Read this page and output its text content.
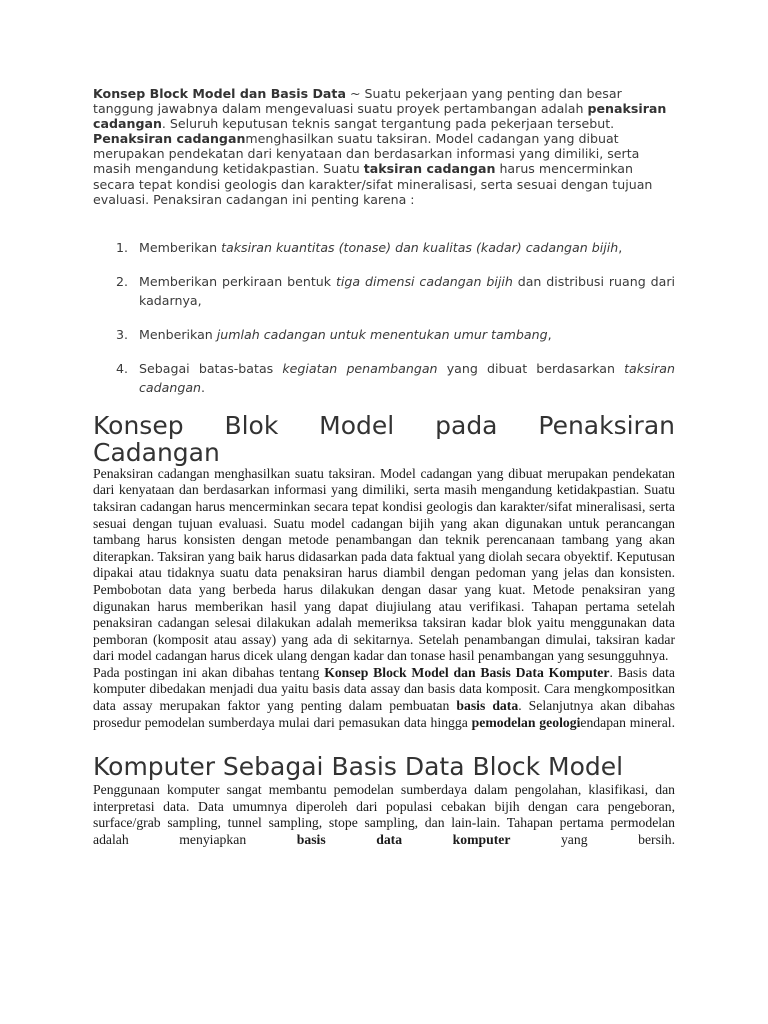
Konsep Block Model dan Basis Data ~ Suatu pekerjaan yang penting dan besar tanggung jawabnya dalam mengevaluasi suatu proyek pertambangan adalah penaksiran cadangan. Seluruh keputusan teknis sangat tergantung pada pekerjaan tersebut. Penaksiran cadanganmenghasilkan suatu taksiran. Model cadangan yang dibuat merupakan pendekatan dari kenyataan dan berdasarkan informasi yang dimiliki, serta masih mengandung ketidakpastian. Suatu taksiran cadangan harus mencerminkan secara tepat kondisi geologis dan karakter/sifat mineralisasi, serta sesuai dengan tujuan evaluasi. Penaksiran cadangan ini penting karena :

1. Memberikan taksiran kuantitas (tonase) dan kualitas (kadar) cadangan bijih,
2. Memberikan perkiraan bentuk tiga dimensi cadangan bijih dan distribusi ruang dari kadarnya,
3. Menberikan jumlah cadangan untuk menentukan umur tambang,
4. Sebagai batas-batas kegiatan penambangan yang dibuat berdasarkan taksiran cadangan.
Konsep Blok Model pada Penaksiran Cadangan

Penaksiran cadangan menghasilkan suatu taksiran. Model cadangan yang dibuat merupakan pendekatan dari kenyataan dan berdasarkan informasi yang dimiliki, serta masih mengandung ketidakpastian. Suatu taksiran cadangan harus mencerminkan secara tepat kondisi geologis dan karakter/sifat mineralisasi, serta sesuai dengan tujuan evaluasi. Suatu model cadangan bijih yang akan digunakan untuk perancangan tambang harus konsisten dengan metode penambangan dan teknik perencanaan tambang yang akan diterapkan. Taksiran yang baik harus didasarkan pada data faktual yang diolah secara obyektif. Keputusan dipakai atau tidaknya suatu data penaksiran harus diambil dengan pedoman yang jelas dan konsisten. Pembobotan data yang berbeda harus dilakukan dengan dasar yang kuat. Metode penaksiran yang digunakan harus memberikan hasil yang dapat diujiulang atau verifikasi. Tahapan pertama setelah penaksiran cadangan selesai dilakukan adalah memeriksa taksiran kadar blok yaitu menggunakan data pemboran (komposit atau assay) yang ada di sekitarnya. Setelah penambangan dimulai, taksiran kadar dari model cadangan harus dicek ulang dengan kadar dan tonase hasil penambangan yang sesungguhnya.

Pada postingan ini akan dibahas tentang Konsep Block Model dan Basis Data Komputer. Basis data komputer dibedakan menjadi dua yaitu basis data assay dan basis data komposit. Cara mengkompositkan data assay merupakan faktor yang penting dalam pembuatan basis data. Selanjutnya akan dibahas prosedur pemodelan sumberdaya mulai dari pemasukan data hingga pemodelan geologiendapan mineral.

Komputer Sebagai Basis Data Block Model

Penggunaan komputer sangat membantu pemodelan sumberdaya dalam pengolahan, klasifikasi, dan interpretasi data. Data umumnya diperoleh dari populasi cebakan bijih dengan cara pengeboran, surface/grab sampling, tunnel sampling, stope sampling, dan lain-lain. Tahapan pertama permodelan adalah menyiapkan basis data komputer yang bersih.
